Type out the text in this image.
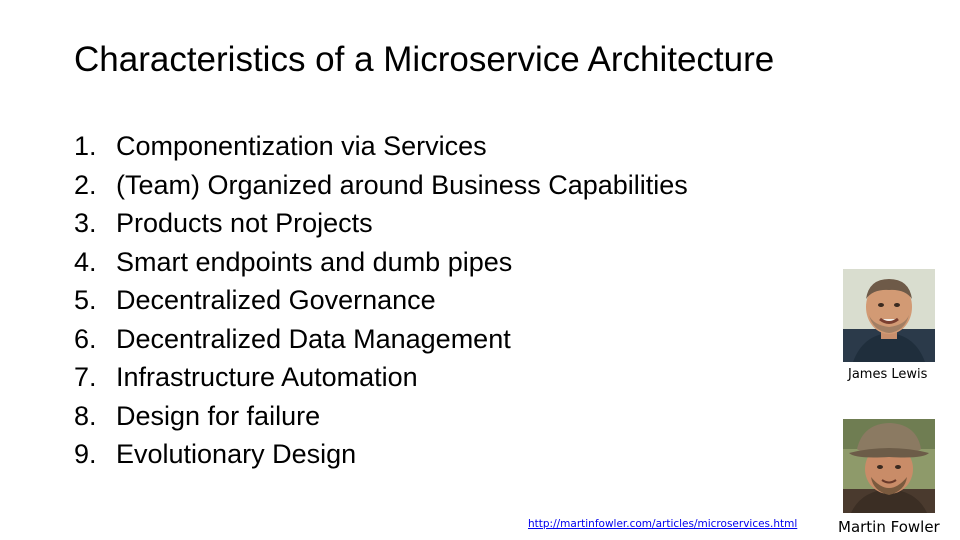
Characteristics of a Microservice Architecture
1. Componentization via Services
2. (Team) Organized around Business Capabilities
3. Products not Projects
4. Smart endpoints and dumb pipes
5. Decentralized Governance
6. Decentralized Data Management
7. Infrastructure Automation
8. Design for failure
9. Evolutionary Design
James Lewis
Martin Fowler
http://martinfowler.com/articles/microservices.html
